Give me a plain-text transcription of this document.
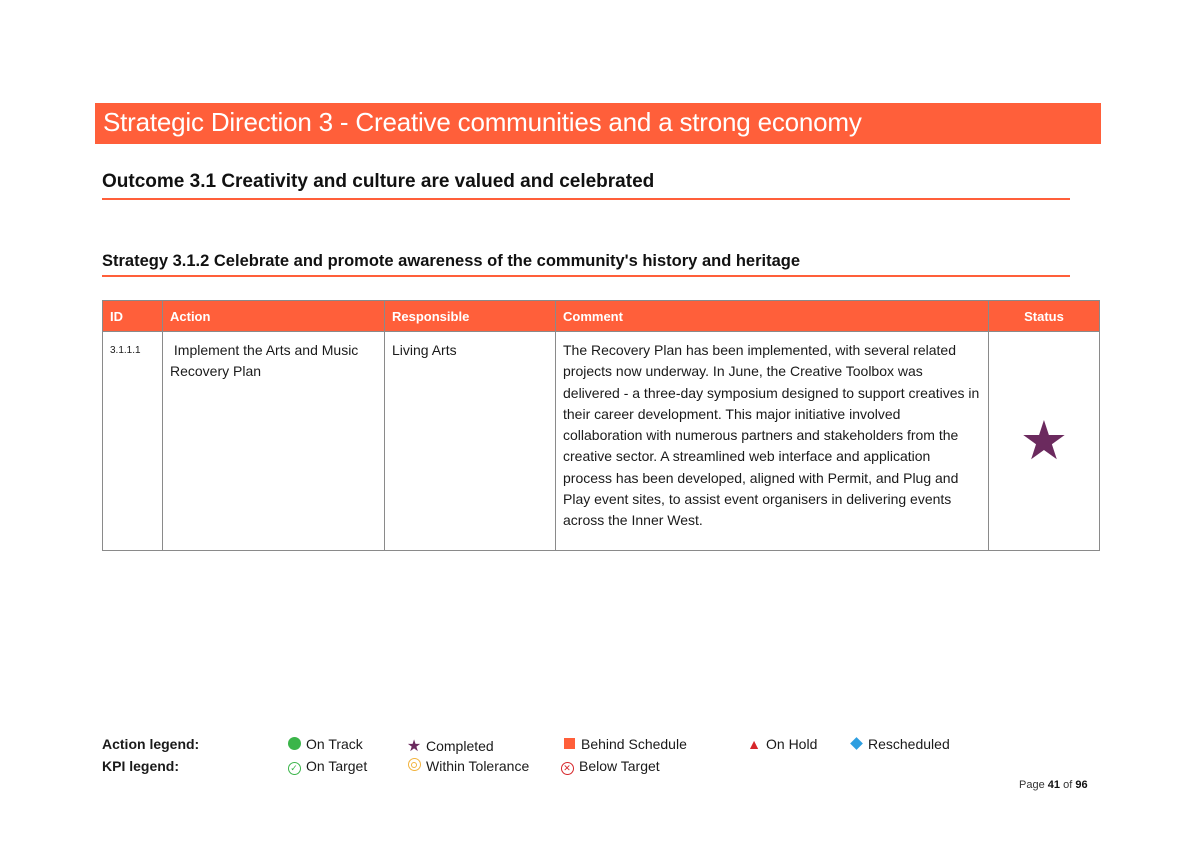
Strategic Direction 3 - Creative communities and a strong economy
Outcome 3.1 Creativity and culture are valued and celebrated
Strategy 3.1.2 Celebrate and promote awareness of the community's history and heritage
ID	Action	Responsible	Comment	Status
3.1.1.1	Implement the Arts and Music Recovery Plan	Living Arts	The Recovery Plan has been implemented, with several related projects now underway. In June, the Creative Toolbox was delivered - a three-day symposium designed to support creatives in their career development. This major initiative involved collaboration with numerous partners and stakeholders from the creative sector. A streamlined web interface and application process has been developed, aligned with Permit, and Plug and Play event sites, to assist event organisers in delivering events across the Inner West.	★
Action legend:
KPI legend:
On Track	★ Completed	Behind Schedule	▲ On Hold	Rescheduled
✓ On Target	Within Tolerance	✕ Below Target
Page 41 of 96
